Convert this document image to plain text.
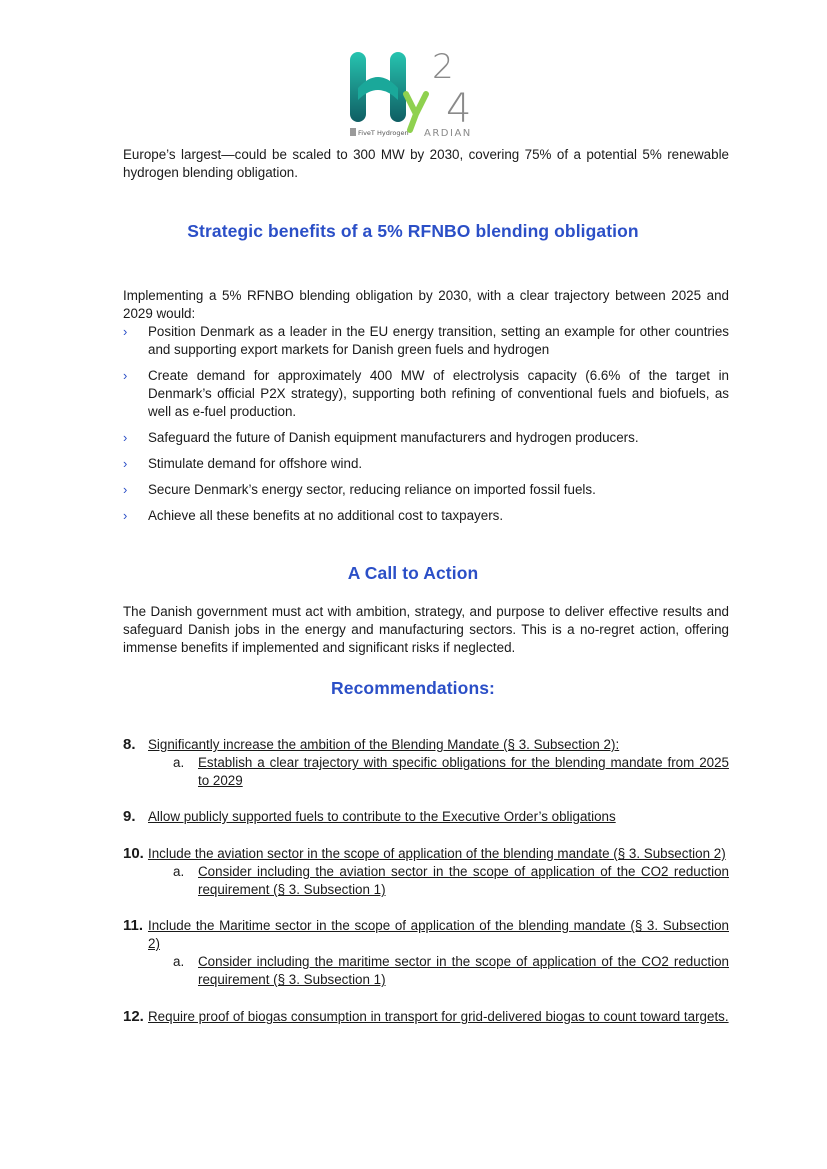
2
4
FiveT Hydrogen ARDIAN
Europe’s largest—could be scaled to 300 MW by 2030, covering 75% of a potential 5% renewable hydrogen blending obligation.
Strategic benefits of a 5% RFNBO blending obligation
Implementing a 5% RFNBO blending obligation by 2030, with a clear trajectory between 2025 and 2029 would:
› Position Denmark as a leader in the EU energy transition, setting an example for other countries and supporting export markets for Danish green fuels and hydrogen
› Create demand for approximately 400 MW of electrolysis capacity (6.6% of the target in Denmark’s official P2X strategy), supporting both refining of conventional fuels and biofuels, as well as e-fuel production.
› Safeguard the future of Danish equipment manufacturers and hydrogen producers.
› Stimulate demand for offshore wind.
› Secure Denmark’s energy sector, reducing reliance on imported fossil fuels.
› Achieve all these benefits at no additional cost to taxpayers.
A Call to Action
The Danish government must act with ambition, strategy, and purpose to deliver effective results and safeguard Danish jobs in the energy and manufacturing sectors. This is a no-regret action, offering immense benefits if implemented and significant risks if neglected.
Recommendations:
8. Significantly increase the ambition of the Blending Mandate (§ 3. Subsection 2):
a. Establish a clear trajectory with specific obligations for the blending mandate from 2025 to 2029
9. Allow publicly supported fuels to contribute to the Executive Order’s obligations
10. Include the aviation sector in the scope of application of the blending mandate (§ 3. Subsection 2)
a. Consider including the aviation sector in the scope of application of the CO2 reduction requirement (§ 3. Subsection 1)
11. Include the Maritime sector in the scope of application of the blending mandate (§ 3. Subsection 2)
a. Consider including the maritime sector in the scope of application of the CO2 reduction requirement (§ 3. Subsection 1)
12. Require proof of biogas consumption in transport for grid-delivered biogas to count toward targets.
